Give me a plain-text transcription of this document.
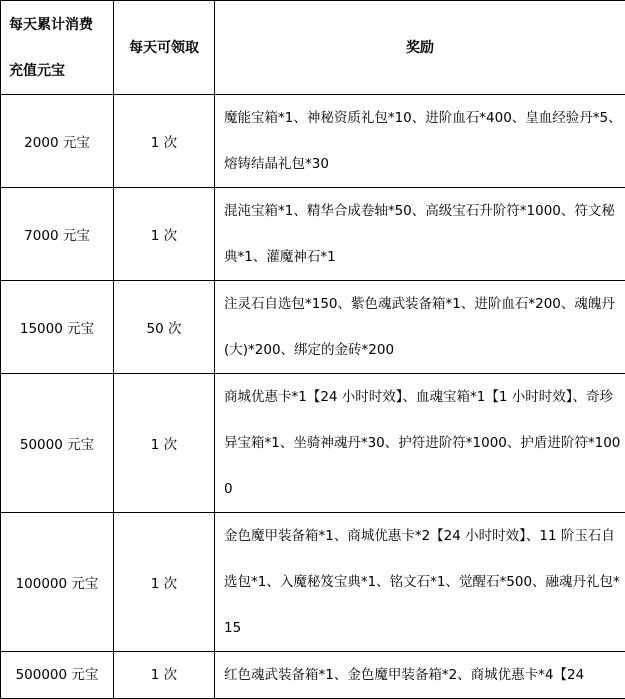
每天累计消费
充值元宝	每天可领取	奖励
2000 元宝	1 次	魔能宝箱*1、神秘资质礼包*10、进阶血石*400、皇血经验丹*5、熔铸结晶礼包*30
7000 元宝	1 次	混沌宝箱*1、精华合成卷轴*50、高级宝石升阶符*1000、符文秘典*1、灌魔神石*1
15000 元宝	50 次	注灵石自选包*150、紫色魂武装备箱*1、进阶血石*200、魂魄丹(大)*200、绑定的金砖*200
50000 元宝	1 次	商城优惠卡*1【24 小时时效】、血魂宝箱*1【1 小时时效】、奇珍异宝箱*1、坐骑神魂丹*30、护符进阶符*1000、护盾进阶符*1000
100000 元宝	1 次	金色魔甲装备箱*1、商城优惠卡*2【24 小时时效】、11 阶玉石自选包*1、入魔秘笈宝典*1、铭文石*1、觉醒石*500、融魂丹礼包*15
500000 元宝	1 次	红色魂武装备箱*1、金色魔甲装备箱*2、商城优惠卡*4【24
